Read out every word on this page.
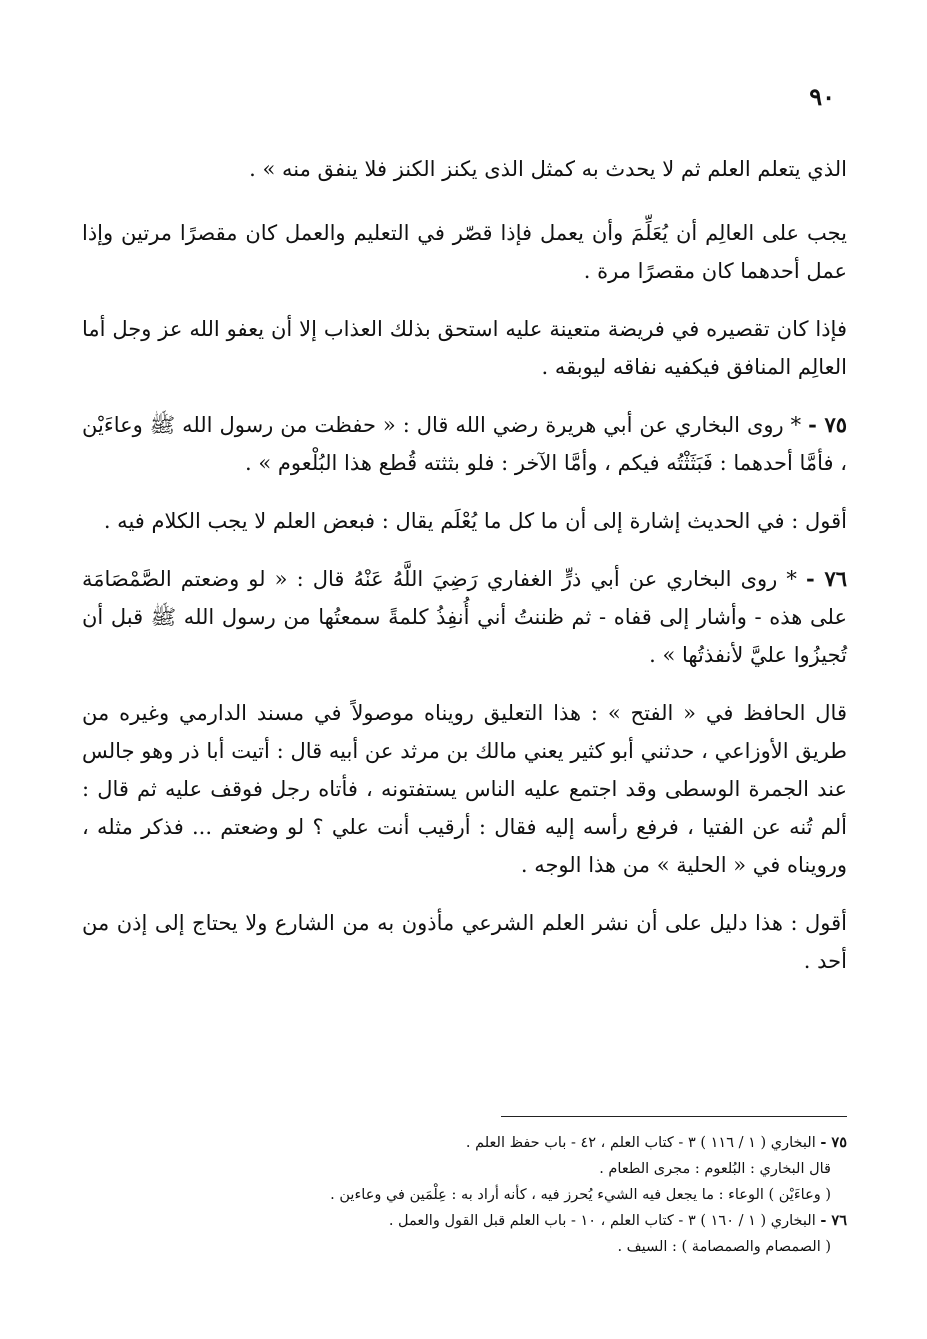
٩٠

الذي يتعلم العلم ثم لا يحدث به كمثل الذى يكنز الكنز فلا ينفق منه » .

يجب على العالِم أن يُعَلِّمَ وأن يعمل فإذا قصّر في التعليم والعمل كان مقصرًا مرتين وإذا عمل أحدهما كان مقصرًا مرة .

فإذا كان تقصيره في فريضة متعينة عليه استحق بذلك العذاب إلا أن يعفو الله عز وجل أما العالِم المنافق فيكفيه نفاقه ليوبقه .

٧٥ - * روى البخاري عن أبي هريرة رضي الله قال : « حفظت من رسول الله ﷺ وعاءَيْن ، فأمَّا أحدهما : فَبَثَثْتُه فيكم ، وأمَّا الآخر : فلو بثثته قُطع هذا البُلْعوم » .

أقول : في الحديث إشارة إلى أن ما كل ما يُعْلَم يقال : فبعض العلم لا يجب الكلام فيه .

٧٦ - * روى البخاري عن أبي ذرٍّ الغفاري رَضِيَ اللَّهُ عَنْهُ قال : « لو وضعتم الصَّمْصَامَة على هذه - وأشار إلى قفاه - ثم ظننتُ أني أُنفِذُ كلمةً سمعتُها من رسول الله ﷺ قبل أن تُجيزُوا عليَّ لأنفذتُها » .

قال الحافظ في « الفتح » : هذا التعليق رويناه موصولاً في مسند الدارمي وغيره من طريق الأوزاعي ، حدثني أبو كثير يعني مالك بن مرثد عن أبيه قال : أتيت أبا ذر وهو جالس عند الجمرة الوسطى وقد اجتمع عليه الناس يستفتونه ، فأتاه رجل فوقف عليه ثم قال : ألم تُنه عن الفتيا ، فرفع رأسه إليه فقال : أرقيب أنت علي ؟ لو وضعتم ... فذكر مثله ، ورويناه في « الحلية » من هذا الوجه .

أقول : هذا دليل على أن نشر العلم الشرعي مأذون به من الشارع ولا يحتاج إلى إذن من أحد .

٧٥ - البخاري ( ١ / ١١٦ ) ٣ - كتاب العلم ، ٤٢ - باب حفظ العلم .

قال البخاري : البُلعوم : مجرى الطعام .

( وعاءَيْن ) الوعاء : ما يجعل فيه الشيء يُحرز فيه ، كأنه أراد به : عِلْمَين في وعاءين .

٧٦ - البخاري ( ١ / ١٦٠ ) ٣ - كتاب العلم ، ١٠ - باب العلم قبل القول والعمل .

( الصمصام والصمصامة ) : السيف .
